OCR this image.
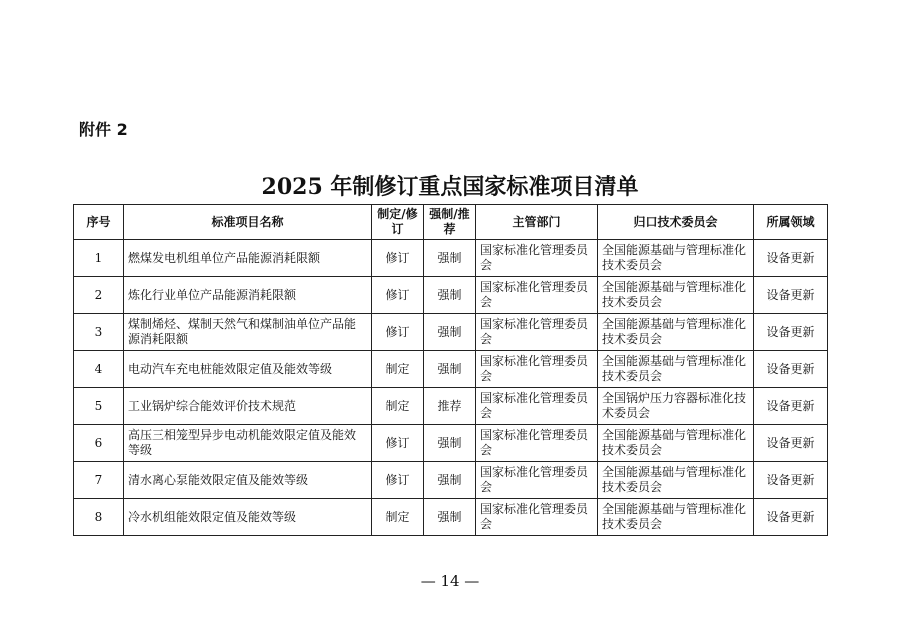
附件 2
2025 年制修订重点国家标准项目清单
序号	标准项目名称	制定/修订	强制/推荐	主管部门	归口技术委员会	所属领域
1	燃煤发电机组单位产品能源消耗限额	修订	强制	国家标准化管理委员会	全国能源基础与管理标准化技术委员会	设备更新
2	炼化行业单位产品能源消耗限额	修订	强制	国家标准化管理委员会	全国能源基础与管理标准化技术委员会	设备更新
3	煤制烯烃、煤制天然气和煤制油单位产品能源消耗限额	修订	强制	国家标准化管理委员会	全国能源基础与管理标准化技术委员会	设备更新
4	电动汽车充电桩能效限定值及能效等级	制定	强制	国家标准化管理委员会	全国能源基础与管理标准化技术委员会	设备更新
5	工业锅炉综合能效评价技术规范	制定	推荐	国家标准化管理委员会	全国锅炉压力容器标准化技术委员会	设备更新
6	高压三相笼型异步电动机能效限定值及能效等级	修订	强制	国家标准化管理委员会	全国能源基础与管理标准化技术委员会	设备更新
7	清水离心泵能效限定值及能效等级	修订	强制	国家标准化管理委员会	全国能源基础与管理标准化技术委员会	设备更新
8	冷水机组能效限定值及能效等级	制定	强制	国家标准化管理委员会	全国能源基础与管理标准化技术委员会	设备更新
— 14 —
